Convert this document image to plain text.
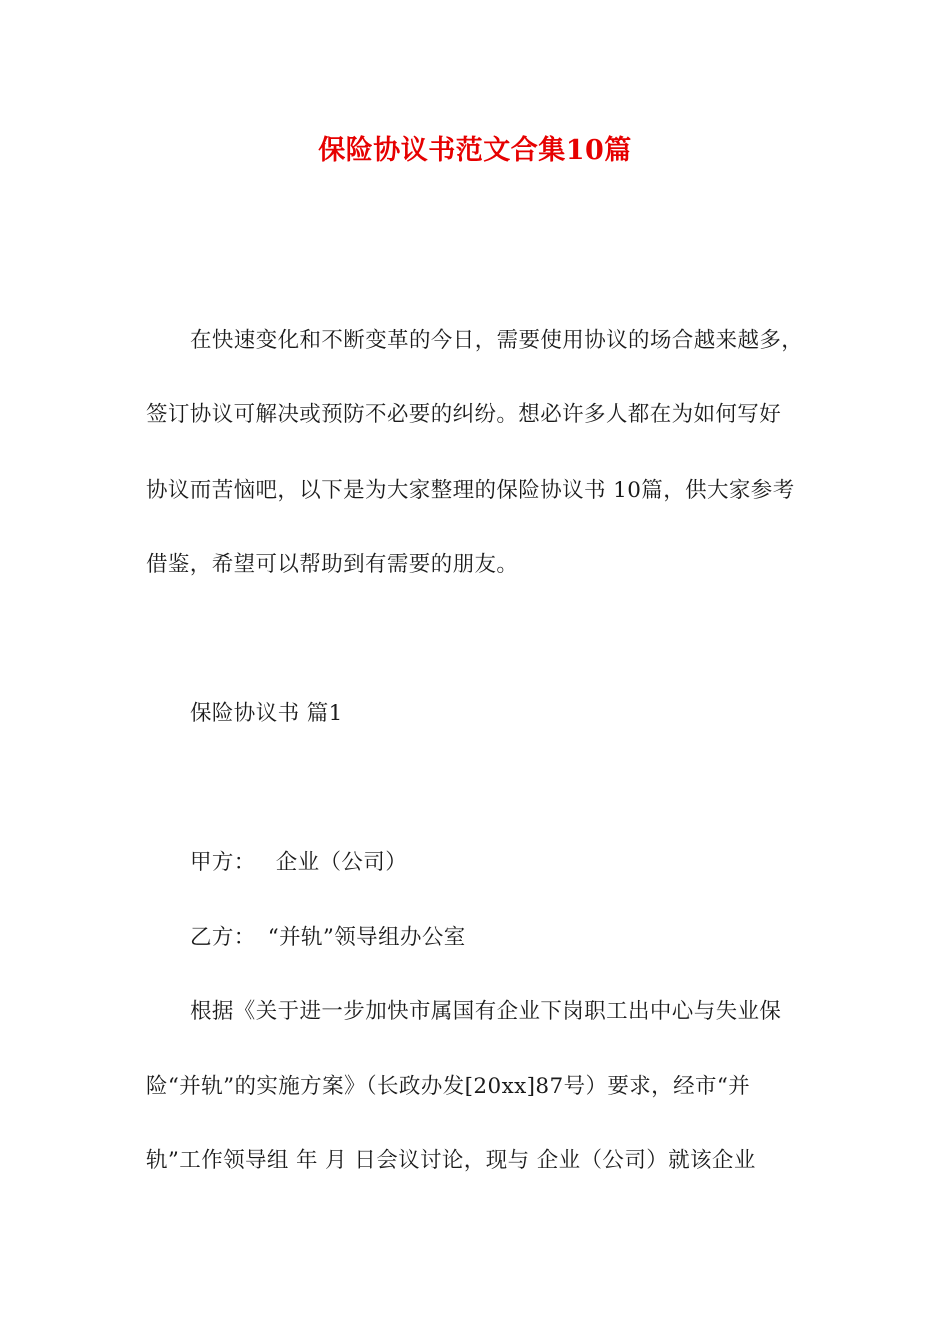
保险协议书范文合集10篇
在快速变化和不断变革的今日，需要使用协议的场合越来越多，
签订协议可解决或预防不必要的纠纷。想必许多人都在为如何写好
协议而苦恼吧，以下是为大家整理的保险协议书 10篇，供大家参考
借鉴，希望可以帮助到有需要的朋友。
保险协议书 篇1
甲方： 企业（公司）
乙方： “并轨”领导组办公室
根据《关于进一步加快市属国有企业下岗职工出中心与失业保
险“并轨”的实施方案》（长政办发[20xx]87号）要求，经市“并
轨”工作领导组 年 月 日会议讨论，现与 企业（公司）就该企业
